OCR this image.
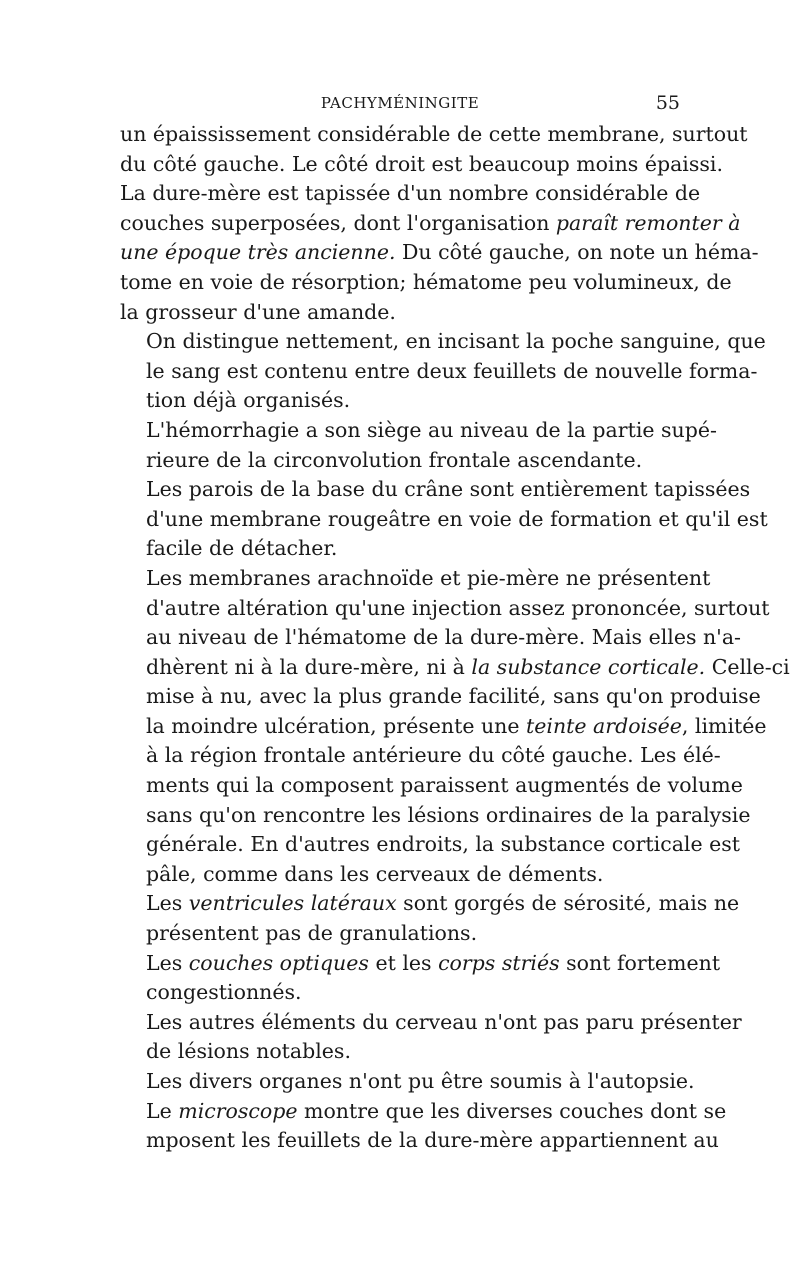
PACHYMÉNINGITE	55

un épaississement considérable de cette membrane, surtout
du côté gauche. Le côté droit est beaucoup moins épaissi.
La dure-mère est tapissée d'un nombre considérable de
couches superposées, dont l'organisation paraît remonter à
une époque très ancienne. Du côté gauche, on note un héma-
tome en voie de résorption; hématome peu volumineux, de
la grosseur d'une amande.

On distingue nettement, en incisant la poche sanguine, que
le sang est contenu entre deux feuillets de nouvelle forma-
tion déjà organisés.

L'hémorrhagie a son siège au niveau de la partie supé-
rieure de la circonvolution frontale ascendante.

Les parois de la base du crâne sont entièrement tapissées
d'une membrane rougeâtre en voie de formation et qu'il est
facile de détacher.

Les membranes arachnoïde et pie-mère ne présentent
d'autre altération qu'une injection assez prononcée, surtout
au niveau de l'hématome de la dure-mère. Mais elles n'a-
dhèrent ni à la dure-mère, ni à la substance corticale. Celle-ci
mise à nu, avec la plus grande facilité, sans qu'on produise
la moindre ulcération, présente une teinte ardoisée, limitée
à la région frontale antérieure du côté gauche. Les élé-
ments qui la composent paraissent augmentés de volume
sans qu'on rencontre les lésions ordinaires de la paralysie
générale. En d'autres endroits, la substance corticale est
pâle, comme dans les cerveaux de déments.

Les ventricules latéraux sont gorgés de sérosité, mais ne
présentent pas de granulations.

Les couches optiques et les corps striés sont fortement
congestionnés.

Les autres éléments du cerveau n'ont pas paru présenter
de lésions notables.

Les divers organes n'ont pu être soumis à l'autopsie.

Le microscope montre que les diverses couches dont se
mposent les feuillets de la dure-mère appartiennent au
